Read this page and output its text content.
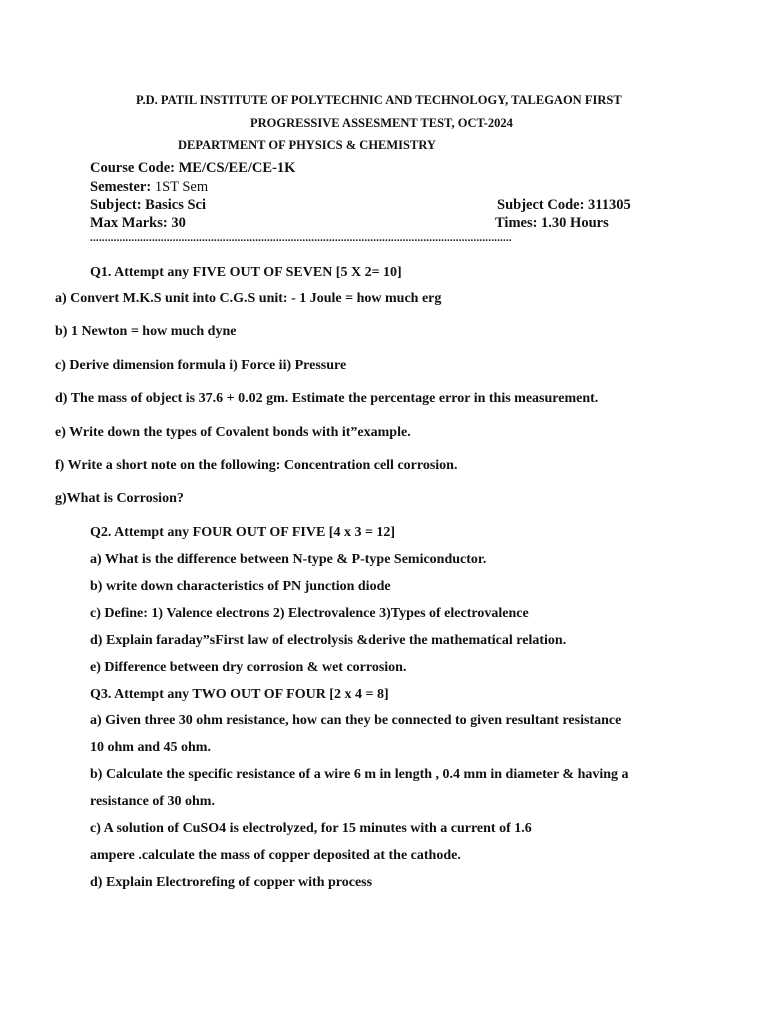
P.D. PATIL INSTITUTE OF POLYTECHNIC AND TECHNOLOGY, TALEGAON FIRST
PROGRESSIVE ASSESMENT TEST, OCT-2024
DEPARTMENT OF PHYSICS & CHEMISTRY
Course Code: ME/CS/EE/CE-1K
Semester: 1ST Sem
Subject: Basics Sci	Subject Code: 311305
Max Marks: 30	Times: 1.30 Hours
...............................................................................................................................................
Q1. Attempt any FIVE OUT OF SEVEN [5 X 2= 10]
a) Convert M.K.S unit into C.G.S unit: - 1 Joule = how much erg
b) 1 Newton = how much dyne
c) Derive dimension formula i) Force ii) Pressure
d) The mass of object is 37.6 + 0.02 gm. Estimate the percentage error in this measurement.
e) Write down the types of Covalent bonds with it”example.
f) Write a short note on the following: Concentration cell corrosion.
g)What is Corrosion?
Q2. Attempt any FOUR OUT OF FIVE [4 x 3 = 12]
a) What is the difference between N-type & P-type Semiconductor.
b) write down characteristics of PN junction diode
c) Define: 1) Valence electrons 2) Electrovalence 3)Types of electrovalence
d) Explain faraday”sFirst law of electrolysis &derive the mathematical relation.
e) Difference between dry corrosion & wet corrosion.
Q3. Attempt any TWO OUT OF FOUR [2 x 4 = 8]
a) Given three 30 ohm resistance, how can they be connected to given resultant resistance
10 ohm and 45 ohm.
b) Calculate the specific resistance of a wire 6 m in length , 0.4 mm in diameter & having a
resistance of 30 ohm.
c) A solution of CuSO4 is electrolyzed, for 15 minutes with a current of 1.6
ampere .calculate the mass of copper deposited at the cathode.
d) Explain Electrorefing of copper with process
